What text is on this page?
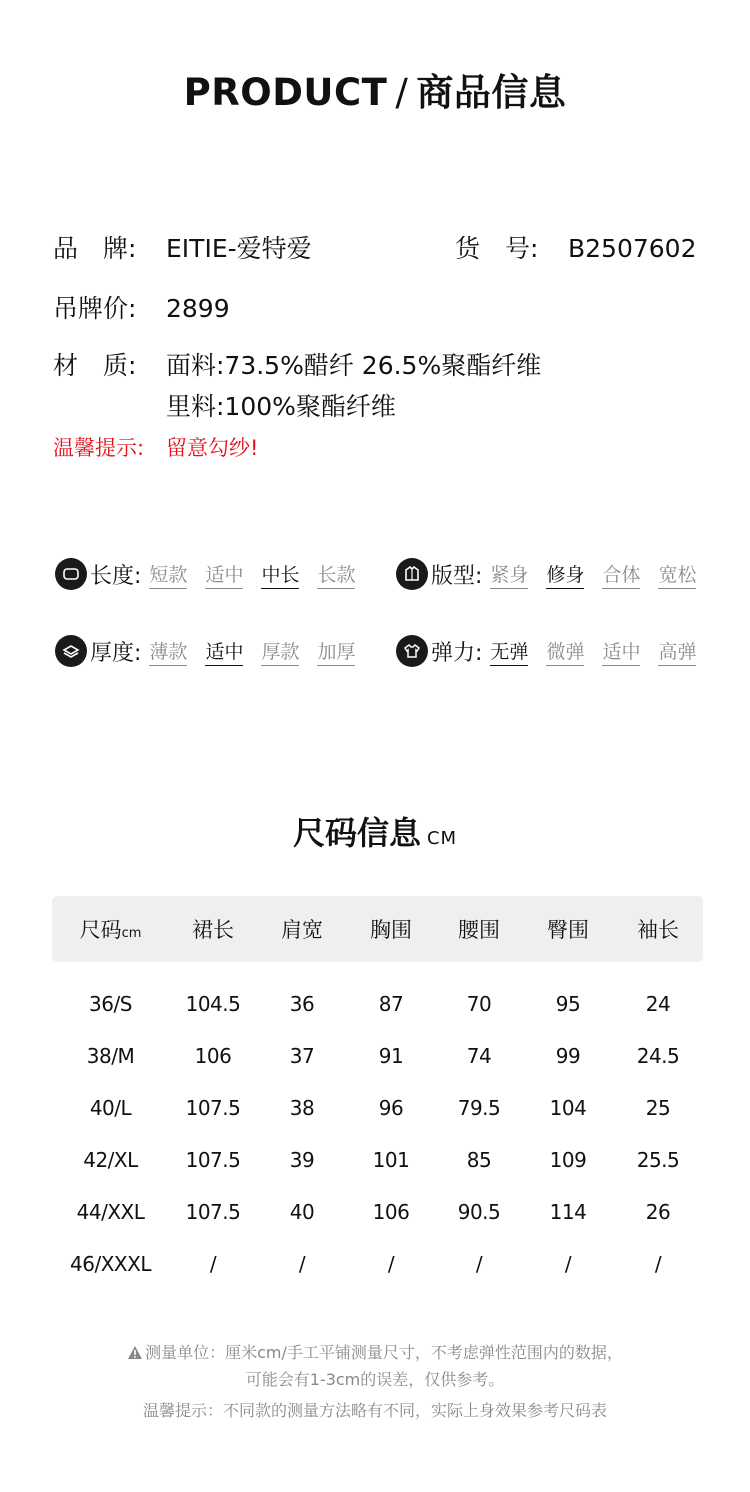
PRODUCT / 商品信息
品　牌: EITIE-爱特爱	货　号: B2507602
吊牌价: 2899
材　质: 面料:73.5%醋纤 26.5%聚酯纤维
里料:100%聚酯纤维
温馨提示: 留意勾纱!
长度: 短款 适中 中长 长款	版型: 紧身 修身 合体 宽松
厚度: 薄款 适中 厚款 加厚	弹力: 无弹 微弹 适中 高弹
尺码信息 CM
尺码cm	裙长	肩宽	胸围	腰围	臀围	袖长
36/S	104.5	36	87	70	95	24
38/M	106	37	91	74	99	24.5
40/L	107.5	38	96	79.5	104	25
42/XL	107.5	39	101	85	109	25.5
44/XXL	107.5	40	106	90.5	114	26
46/XXXL	/	/	/	/	/	/
测量单位：厘米cm/手工平铺测量尺寸，不考虑弹性范围内的数据，
可能会有1-3cm的误差，仅供参考。
温馨提示：不同款的测量方法略有不同，实际上身效果参考尺码表
